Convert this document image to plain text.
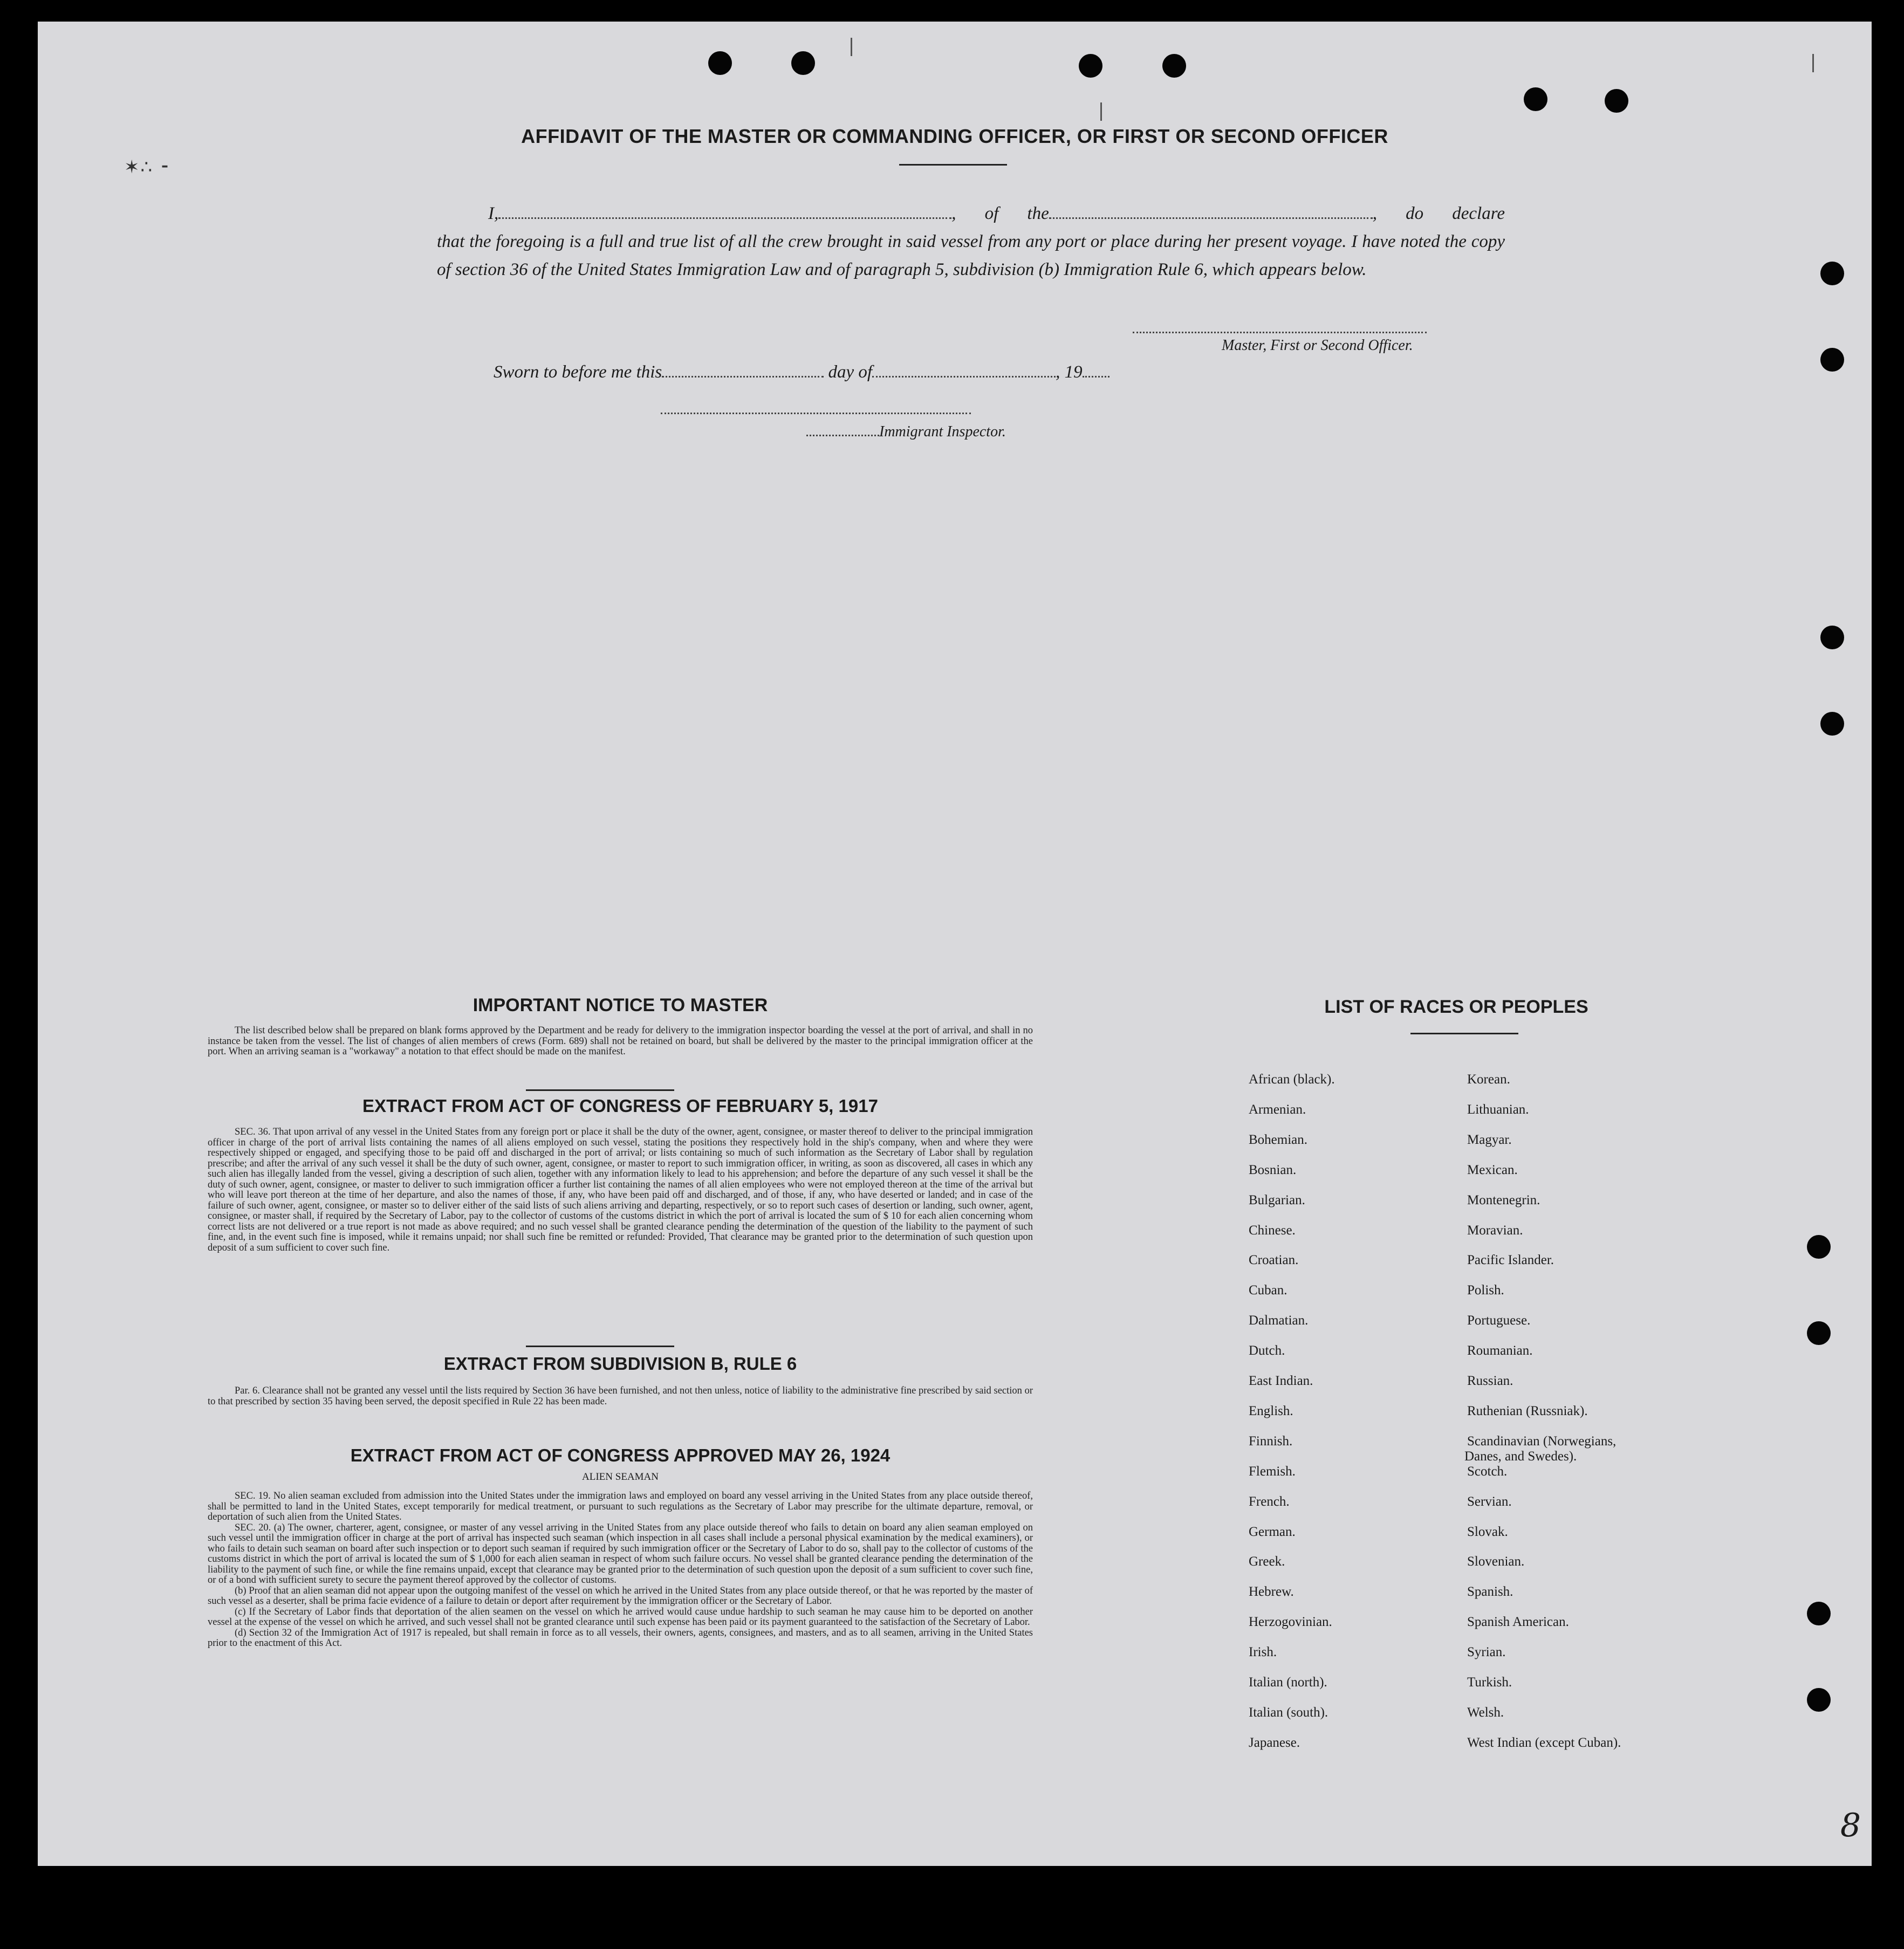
✶∴ ⁃
AFFIDAVIT OF THE MASTER OR COMMANDING OFFICER, OR FIRST OR SECOND OFFICER
I,	, of the	, do declare
that the foregoing is a full and true list of all the crew brought in said vessel from any port or place during her present voyage. I have noted the copy of section 36 of the United States Immigration Law and of paragraph 5, subdivision (b) Immigration Rule 6, which appears below.
Master, First or Second Officer.
Sworn to before me this	day of	, 19
Immigrant Inspector.
IMPORTANT NOTICE TO MASTER

The list described below shall be prepared on blank forms approved by the Department and be ready for delivery to the immigration inspector boarding the vessel at the port of arrival, and shall in no instance be taken from the vessel. The list of changes of alien members of crews (Form. 689) shall not be retained on board, but shall be delivered by the master to the principal immigration officer at the port. When an arriving seaman is a "workaway" a notation to that effect should be made on the manifest.

EXTRACT FROM ACT OF CONGRESS OF FEBRUARY 5, 1917

SEC. 36. That upon arrival of any vessel in the United States from any foreign port or place it shall be the duty of the owner, agent, consignee, or master thereof to deliver to the principal immigration officer in charge of the port of arrival lists containing the names of all aliens employed on such vessel, stating the positions they respectively hold in the ship's company, when and where they were respectively shipped or engaged, and specifying those to be paid off and discharged in the port of arrival; or lists containing so much of such information as the Secretary of Labor shall by regulation prescribe; and after the arrival of any such vessel it shall be the duty of such owner, agent, consignee, or master to report to such immigration officer, in writing, as soon as discovered, all cases in which any such alien has illegally landed from the vessel, giving a description of such alien, together with any information likely to lead to his apprehension; and before the departure of any such vessel it shall be the duty of such owner, agent, consignee, or master to deliver to such immigration officer a further list containing the names of all alien employees who were not employed thereon at the time of the arrival but who will leave port thereon at the time of her departure, and also the names of those, if any, who have been paid off and discharged, and of those, if any, who have deserted or landed; and in case of the failure of such owner, agent, consignee, or master so to deliver either of the said lists of such aliens arriving and departing, respectively, or so to report such cases of desertion or landing, such owner, agent, consignee, or master shall, if required by the Secretary of Labor, pay to the collector of customs of the customs district in which the port of arrival is located the sum of $ 10 for each alien concerning whom correct lists are not delivered or a true report is not made as above required; and no such vessel shall be granted clearance pending the determination of the question of the liability to the payment of such fine, and, in the event such fine is imposed, while it remains unpaid; nor shall such fine be remitted or refunded: Provided, That clearance may be granted prior to the determination of such question upon deposit of a sum sufficient to cover such fine.

EXTRACT FROM SUBDIVISION B, RULE 6

Par. 6. Clearance shall not be granted any vessel until the lists required by Section 36 have been furnished, and not then unless, notice of liability to the administrative fine prescribed by said section or to that prescribed by section 35 having been served, the deposit specified in Rule 22 has been made.

EXTRACT FROM ACT OF CONGRESS APPROVED MAY 26, 1924
ALIEN SEAMAN

SEC. 19. No alien seaman excluded from admission into the United States under the immigration laws and employed on board any vessel arriving in the United States from any place outside thereof, shall be permitted to land in the United States, except temporarily for medical treatment, or pursuant to such regulations as the Secretary of Labor may prescribe for the ultimate departure, removal, or deportation of such alien from the United States.

SEC. 20. (a) The owner, charterer, agent, consignee, or master of any vessel arriving in the United States from any place outside thereof who fails to detain on board any alien seaman employed on such vessel until the immigration officer in charge at the port of arrival has inspected such seaman (which inspection in all cases shall include a personal physical examination by the medical examiners), or who fails to detain such seaman on board after such inspection or to deport such seaman if required by such immigration officer or the Secretary of Labor to do so, shall pay to the collector of customs of the customs district in which the port of arrival is located the sum of $ 1,000 for each alien seaman in respect of whom such failure occurs. No vessel shall be granted clearance pending the determination of the liability to the payment of such fine, or while the fine remains unpaid, except that clearance may be granted prior to the determination of such question upon the deposit of a sum sufficient to cover such fine, or of a bond with sufficient surety to secure the payment thereof approved by the collector of customs.

(b) Proof that an alien seaman did not appear upon the outgoing manifest of the vessel on which he arrived in the United States from any place outside thereof, or that he was reported by the master of such vessel as a deserter, shall be prima facie evidence of a failure to detain or deport after requirement by the immigration officer or the Secretary of Labor.

(c) If the Secretary of Labor finds that deportation of the alien seamen on the vessel on which he arrived would cause undue hardship to such seaman he may cause him to be deported on another vessel at the expense of the vessel on which he arrived, and such vessel shall not be granted clearance until such expense has been paid or its payment guaranteed to the satisfaction of the Secretary of Labor.

(d) Section 32 of the Immigration Act of 1917 is repealed, but shall remain in force as to all vessels, their owners, agents, consignees, and masters, and as to all seamen, arriving in the United States prior to the enactment of this Act.

LIST OF RACES OR PEOPLES
8
African (black).
Armenian.
Bohemian.
Bosnian.
Bulgarian.
Chinese.
Croatian.
Cuban.
Dalmatian.
Dutch.
East Indian.
English.
Finnish.
Flemish.
French.
German.
Greek.
Hebrew.
Herzogovinian.
Irish.
Italian (north).
Italian (south).
Japanese.
Korean.
Lithuanian.
Magyar.
Mexican.
Montenegrin.
Moravian.
Pacific Islander.
Polish.
Portuguese.
Roumanian.
Russian.
Ruthenian (Russniak).
Scandinavian (Norwegians,
Danes, and Swedes).
Scotch.
Servian.
Slovak.
Slovenian.
Spanish.
Spanish American.
Syrian.
Turkish.
Welsh.
West Indian (except Cuban).
